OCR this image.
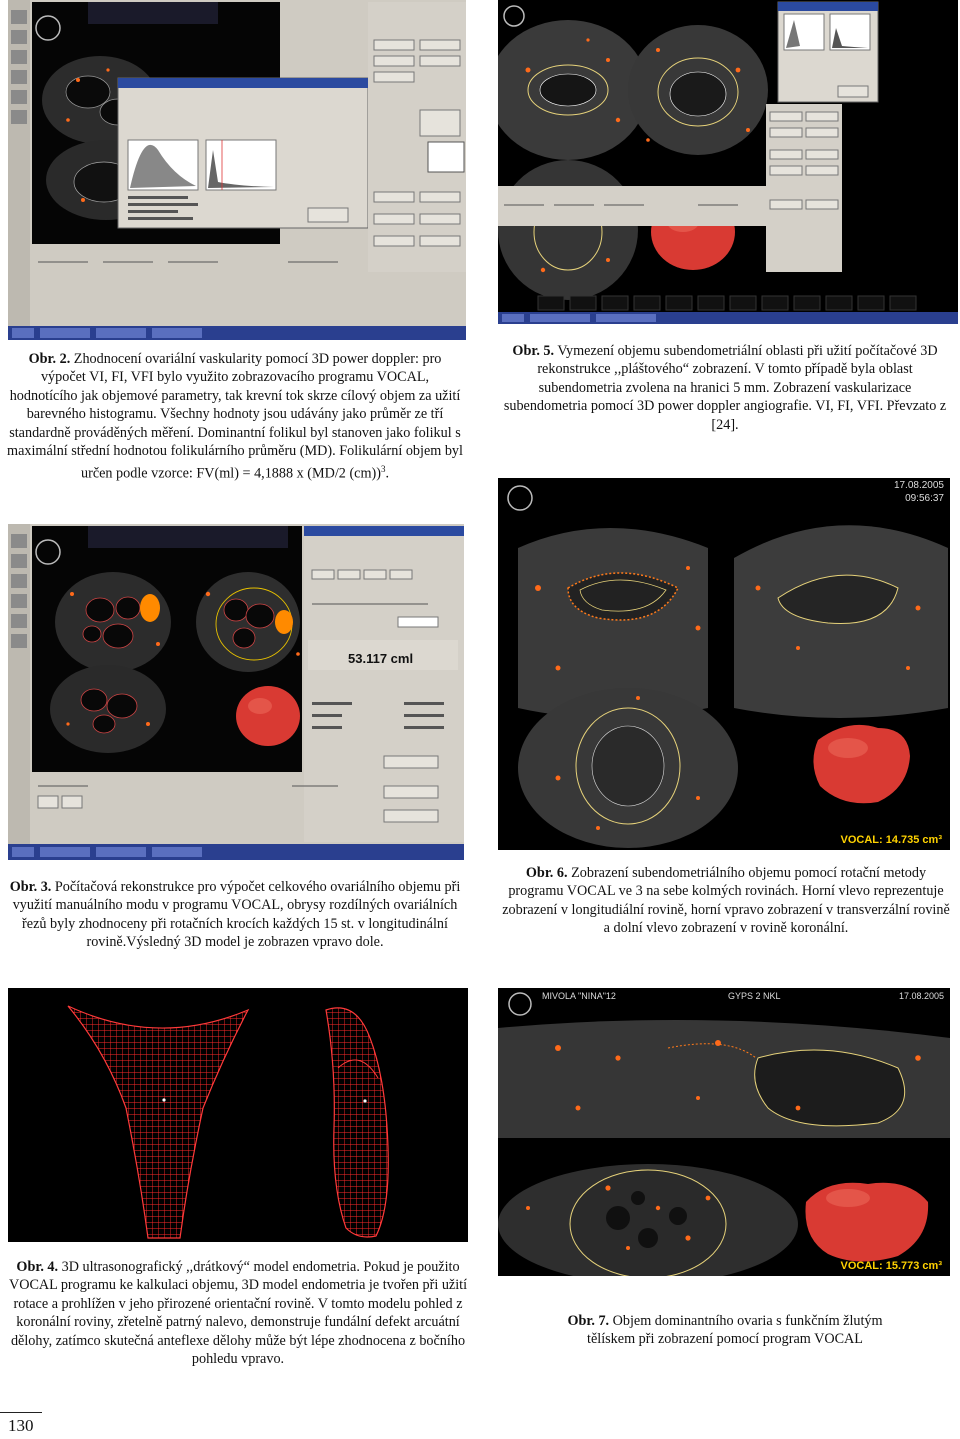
Obr. 2. Zhodnocení ovariální vaskularity pomocí 3D power doppler: pro výpočet VI, FI, VFI bylo využito zobrazovacího programu VOCAL, hodnotícího jak objemové parametry, tak krevní tok skrze cílový objem za užití barevného histogramu. Všechny hodnoty jsou udávány jako průměr ze tří standardně prováděných měření. Dominantní folikul byl stanoven jako folikul s maximální střední hodnotou folikulárního průměru (MD). Folikulární objem byl určen podle vzorce: FV(ml) = 4,1888 x (MD/2 (cm))$^3$.
Obr. 5. Vymezení objemu subendometriální oblasti při užití počítačové 3D rekonstrukce ,,pláštového“ zobrazení. V tomto případě byla oblast subendometria zvolena na hranici 5 mm. Zobrazení vaskularizace subendometria pomocí 3D power doppler angiografie. VI, FI, VFI. Převzato z [24].
53.117 cml
17.08.2005
09:56:37
VOCAL: 14.735 cm³
Obr. 3. Počítačová rekonstrukce pro výpočet celkového ovariálního objemu při využití manuálního modu v programu VOCAL, obrysy rozdílných ovariálních řezů byly zhodnoceny při rotačních krocích každých 15 st. v longitudinální rovině.Výsledný 3D model je zobrazen vpravo dole.
Obr. 6. Zobrazení subendometriálního objemu pomocí rotační metody programu VOCAL ve 3 na sebe kolmých rovinách. Horní vlevo reprezentuje zobrazení v longitudiální rovině, horní vpravo zobrazení v transverzální rovině a dolní vlevo zobrazení v rovině koronální.
MIVOLA "NINA"12	GYPS 2 NKL	17.08.2005
VOCAL: 15.773 cm³
Obr. 4. 3D ultrasonografický ,,drátkový“ model endometria. Pokud je použito VOCAL programu ke kalkulaci objemu, 3D model endometria je tvořen při užití rotace a prohlížen v jeho přirozené orientační rovině. V tomto modelu pohled z koronální roviny, zřetelně patrný nalevo, demonstruje fundální defekt arcuátní dělohy, zatímco skutečná anteflexe dělohy může být lépe zhodnocena z bočního pohledu vpravo.
Obr. 7. Objem dominantního ovaria s funkčním žlutým tělískem při zobrazení pomocí program VOCAL
130
